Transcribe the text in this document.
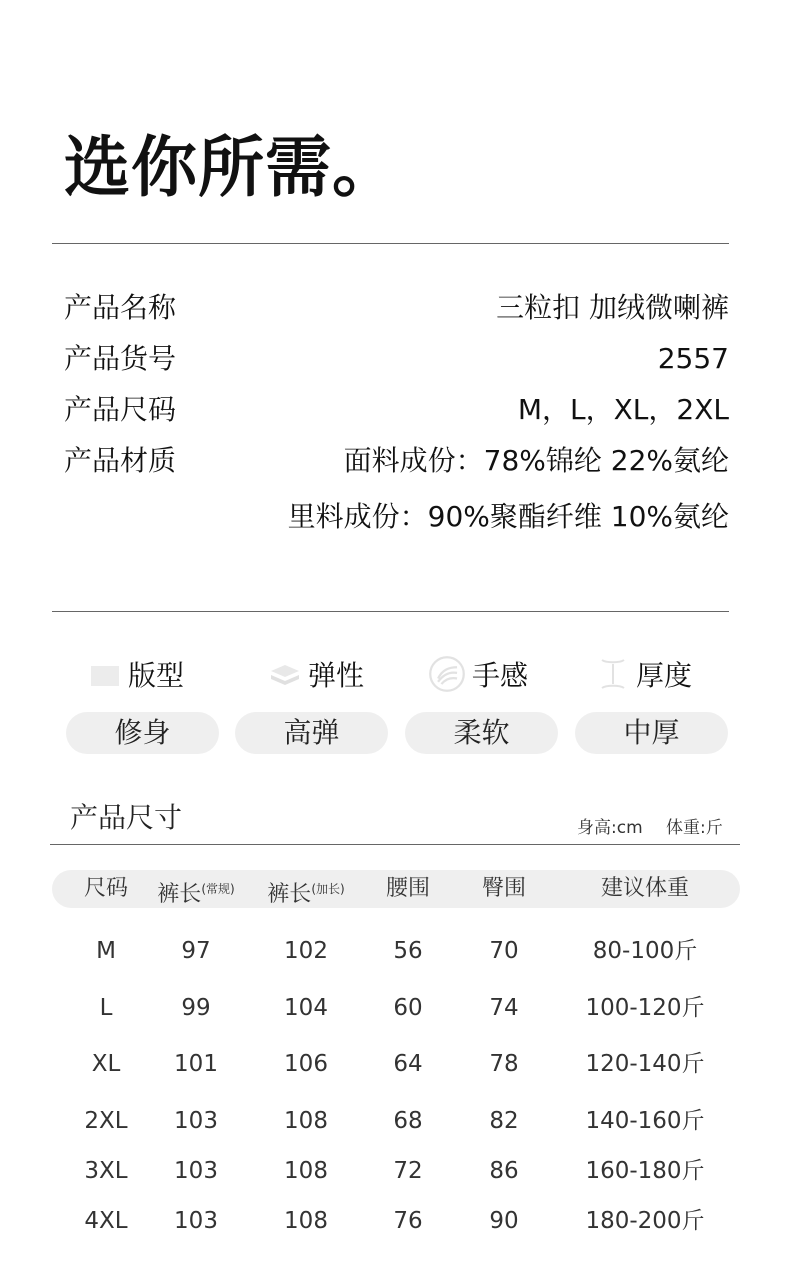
选你所需。
产品名称	三粒扣 加绒微喇裤
产品货号	2557
产品尺码	M，L，XL，2XL
产品材质	面料成份：78%锦纶 22%氨纶
里料成份：90%聚酯纤维 10%氨纶
版型	弹性	手感	厚度
修身	高弹	柔软	中厚
产品尺寸	身高:cm 体重:斤
尺码	裤长$^{(常规)}$	裤长$^{(加长)}$	腰围	臀围	建议体重
M	97	102	56	70	80-100斤
L	99	104	60	74	100-120斤
XL	101	106	64	78	120-140斤
2XL	103	108	68	82	140-160斤
3XL	103	108	72	86	160-180斤
4XL	103	108	76	90	180-200斤
